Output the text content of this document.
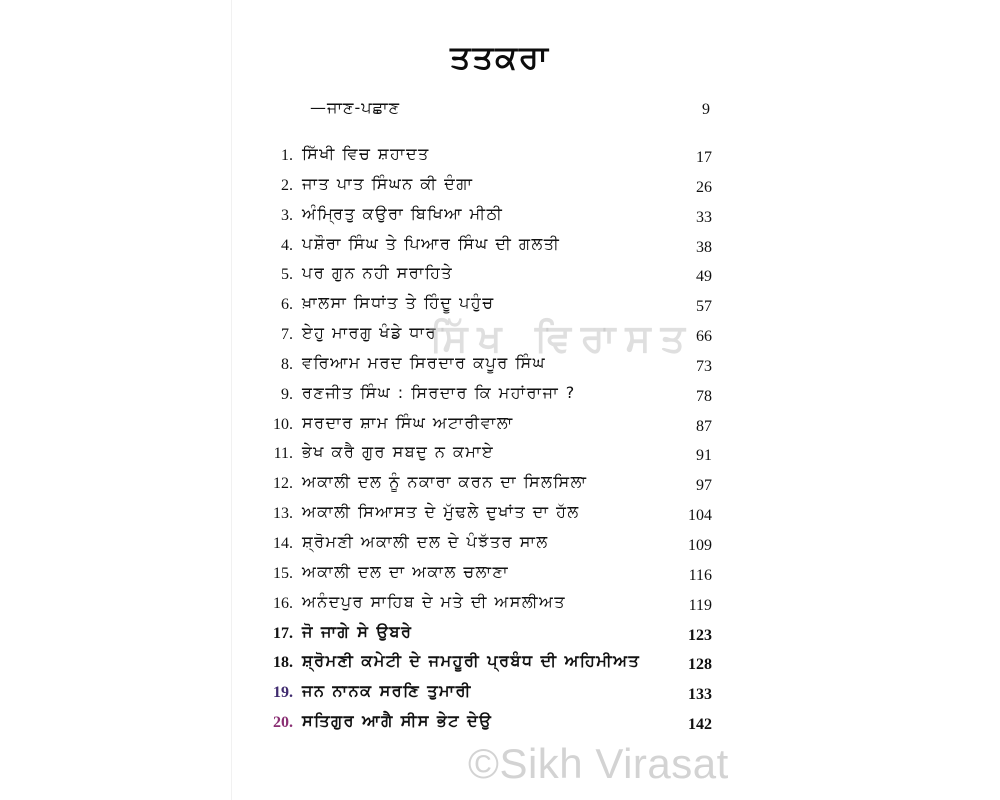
ਤਤਕਰਾ
—ਜਾਣ-ਪਛਾਣ	9
1. ਸਿੱਖੀ ਵਿਚ ਸ਼ਹਾਦਤ	17
2. ਜਾਤ ਪਾਤ ਸਿੰਘਨ ਕੀ ਦੰਗਾ	26
3. ਅੰਮ੍ਰਿਤੁ ਕਉਰਾ ਬਿਖਿਆ ਮੀਠੀ	33
4. ਪਸ਼ੌਰਾ ਸਿੰਘ ਤੇ ਪਿਆਰ ਸਿੰਘ ਦੀ ਗਲਤੀ	38
5. ਪਰ ਗੁਨ ਨਹੀ ਸਰਾਹਿਤੇ	49
6. ਖ਼ਾਲਸਾ ਸਿਧਾਂਤ ਤੇ ਹਿੰਦੂ ਪਹੁੰਚ	57
7. ਏਹੁ ਮਾਰਗੁ ਖੰਡੇ ਧਾਰ	66
8. ਵਰਿਆਮ ਮਰਦ ਸਿਰਦਾਰ ਕਪੂਰ ਸਿੰਘ	73
9. ਰਣਜੀਤ ਸਿੰਘ : ਸਿਰਦਾਰ ਕਿ ਮਹਾਂਰਾਜਾ ?	78
10. ਸਰਦਾਰ ਸ਼ਾਮ ਸਿੰਘ ਅਟਾਰੀਵਾਲਾ	87
11. ਭੇਖ ਕਰੈ ਗੁਰ ਸਬਦੁ ਨ ਕਮਾਏ	91
12. ਅਕਾਲੀ ਦਲ ਨੂੰ ਨਕਾਰਾ ਕਰਨ ਦਾ ਸਿਲਸਿਲਾ	97
13. ਅਕਾਲੀ ਸਿਆਸਤ ਦੇ ਮੁੱਢਲੇ ਦੁਖਾਂਤ ਦਾ ਹੱਲ	104
14. ਸ਼੍ਰੋਮਣੀ ਅਕਾਲੀ ਦਲ ਦੇ ਪੰਝੱਤਰ ਸਾਲ	109
15. ਅਕਾਲੀ ਦਲ ਦਾ ਅਕਾਲ ਚਲਾਣਾ	116
16. ਅਨੰਦਪੁਰ ਸਾਹਿਬ ਦੇ ਮਤੇ ਦੀ ਅਸਲੀਅਤ	119
17. ਜੋ ਜਾਗੇ ਸੇ ਉਬਰੇ	123
18. ਸ਼੍ਰੋਮਣੀ ਕਮੇਟੀ ਦੇ ਜਮਹੂਰੀ ਪ੍ਰਬੰਧ ਦੀ ਅਹਿਮੀਅਤ	128
19. ਜਨ ਨਾਨਕ ਸਰਣਿ ਤੁਮਾਰੀ	133
20. ਸਤਿਗੁਰ ਆਗੈ ਸੀਸ ਭੇਟ ਦੇਉ	142
ਸਿੱਖ ਵਿਰਾਸਤ
©Sikh Virasat
